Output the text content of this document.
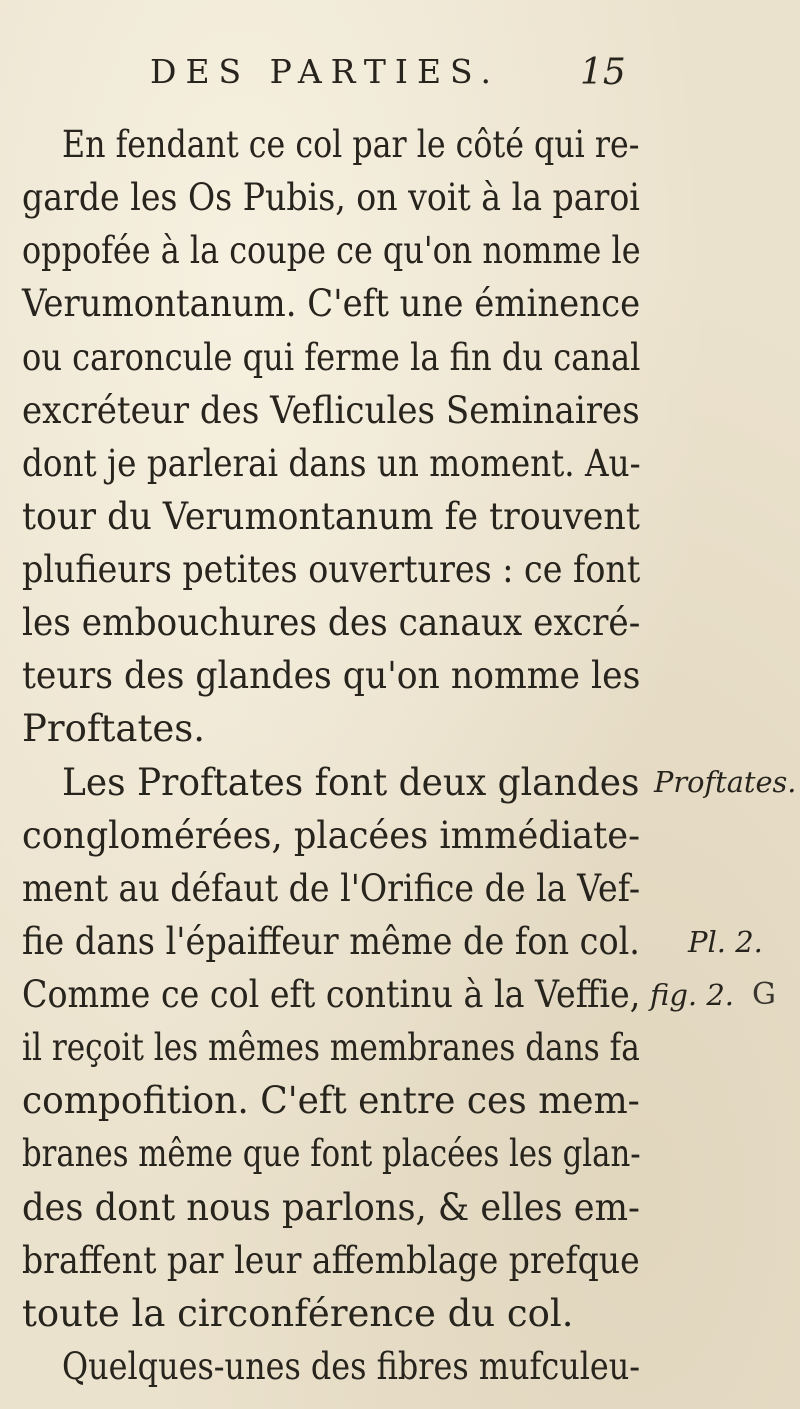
DES PARTIES. 15
En fendant ce col par le côté qui re-
garde les Os Pubis, on voit à la paroi
oppofée à la coupe ce qu'on nomme le
Verumontanum. C'eft une éminence
ou caroncule qui ferme la fin du canal
excréteur des Veflicules Seminaires
dont je parlerai dans un moment. Au-
tour du Verumontanum fe trouvent
plufieurs petites ouvertures : ce font
les embouchures des canaux excré-
teurs des glandes qu'on nomme les
Proftates.
Les Proftates font deux glandes
conglomérées, placées immédiate-
ment au défaut de l'Orifice de la Vef-
fie dans l'épaiffeur même de fon col.
Comme ce col eft continu à la Veffie,
il reçoit les mêmes membranes dans fa
compofition. C'eft entre ces mem-
branes même que font placées les glan-
des dont nous parlons, & elles em-
braffent par leur affemblage prefque
toute la circonférence du col.
Quelques-unes des fibres mufculeu-
Proftates.
Pl. 2.
fig. 2. G
